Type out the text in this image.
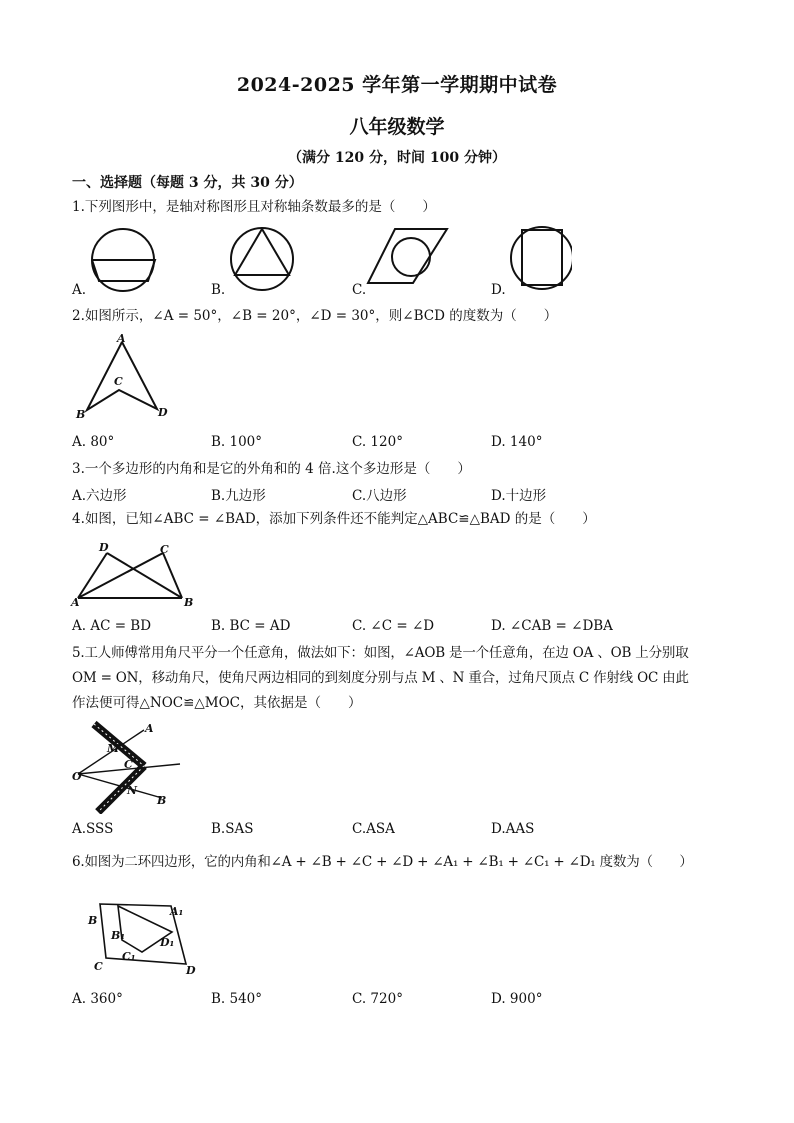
2024-2025 学年第一学期期中试卷
八年级数学
（满分 120 分，时间 100 分钟）
一、选择题（每题 3 分，共 30 分）
1.下列图形中，是轴对称图形且对称轴条数最多的是（　　）
A.	B.	C.	D.
2.如图所示，∠A = 50°，∠B = 20°，∠D = 30°，则∠BCD 的度数为（　　）
A
B
C
D
A. 80°	B. 100°	C. 120°	D. 140°
3.一个多边形的内角和是它的外角和的 4 倍.这个多边形是（　　）
A.六边形	B.九边形	C.八边形	D.十边形
4.如图，已知∠ABC = ∠BAD，添加下列条件还不能判定△ABC≌△BAD 的是（　　）
D	C
A	B
A. AC = BD	B. BC = AD	C. ∠C = ∠D	D. ∠CAB = ∠DBA
5.工人师傅常用角尺平分一个任意角，做法如下：如图，∠AOB 是一个任意角，在边 OA 、OB 上分别取
OM = ON，移动角尺，使角尺两边相同的到刻度分别与点 M 、N 重合，过角尺顶点 C 作射线 OC 由此
作法便可得△NOC≌△MOC，其依据是（　　）
A
M
C
O
N
B
A.SSS	B.SAS	C.ASA	D.AAS
6.如图为二环四边形，它的内角和∠A + ∠B + ∠C + ∠D + ∠A₁ + ∠B₁ + ∠C₁ + ∠D₁ 度数为（　　）
B
A₁
B₁
D₁
C₁
C	D
A. 360°	B. 540°	C. 720°	D. 900°
